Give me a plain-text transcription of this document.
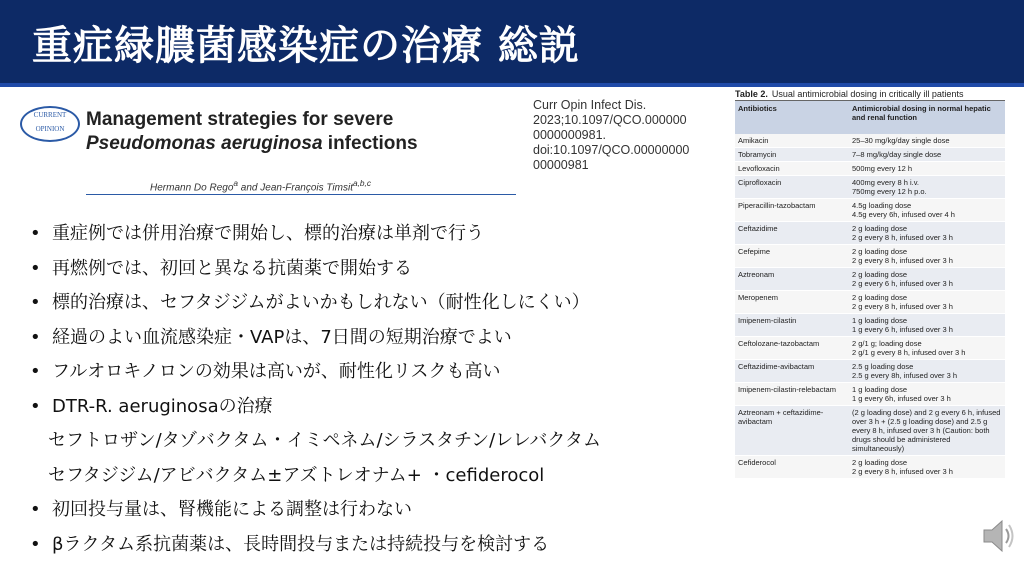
重症緑膿菌感染症の治療 総説
CURRENT
OPINION	Management strategies for severe Pseudomonas aeruginosa infections
Hermann Do Rego$^a$ and Jean-François Timsit$^{a,b,c}$
Curr Opin Infect Dis.
2023;10.1097/QCO.000000
0000000981.
doi:10.1097/QCO.00000000
00000981
• 重症例では併用治療で開始し、標的治療は単剤で行う
• 再燃例では、初回と異なる抗菌薬で開始する
• 標的治療は、セフタジジムがよいかもしれない（耐性化しにくい）
• 経過のよい血流感染症・VAPは、7日間の短期治療でよい
• フルオロキノロンの効果は高いが、耐性化リスクも高い
• DTR-R. aeruginosaの治療
セフトロザン/タゾバクタム・イミペネム/シラスタチン/レレバクタム
セフタジジム/アビバクタム±アズトレオナム+ ・cefiderocol
• 初回投与量は、腎機能による調整は行わない
• βラクタム系抗菌薬は、長時間投与または持続投与を検討する
Table 2. Usual antimicrobial dosing in critically ill patients
Antibiotics	Antimicrobial dosing in normal hepatic and renal function
Amikacin	25–30 mg/kg/day single dose

Tobramycin	7–8 mg/kg/day single dose

Levofloxacin	500mg every 12 h

Ciprofloxacin	400mg every 8 h i.v.
750mg every 12 h p.o.

Piperacillin-tazobactam	4.5g loading dose
4.5g every 6h, infused over 4 h

Ceftazidime	2 g loading dose
2 g every 8 h, infused over 3 h

Cefepime	2 g loading dose
2 g every 8 h, infused over 3 h

Aztreonam	2 g loading dose
2 g every 6 h, infused over 3 h

Meropenem	2 g loading dose
2 g every 8 h, infused over 3 h

Imipenem-cilastin	1 g loading dose
1 g every 6 h, infused over 3 h

Ceftolozane-tazobactam	2 g/1 g; loading dose
2 g/1 g every 8 h, infused over 3 h

Ceftazidime-avibactam	2.5 g loading dose
2.5 g every 8h, infused over 3 h

Imipenem-cilastin-relebactam	1 g loading dose
1 g every 6h, infused over 3 h

Aztreonam + ceftazidime-avibactam	(2 g loading dose) and 2 g every 6 h, infused over 3 h + (2.5 g loading dose) and 2.5 g every 8 h, infused over 3 h (Caution: both drugs should be administered simultaneously)

Cefiderocol	2 g loading dose
2 g every 8 h, infused over 3 h
